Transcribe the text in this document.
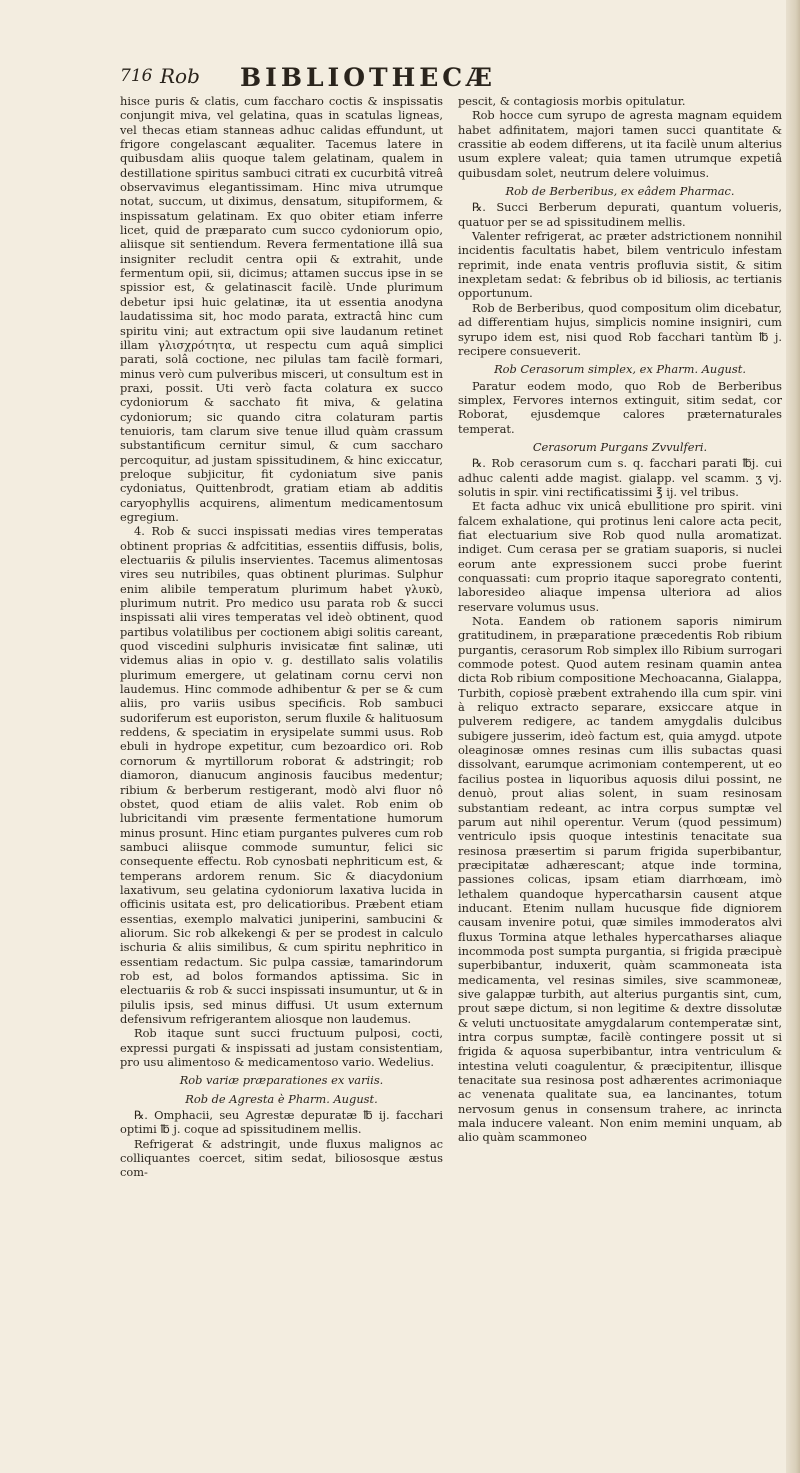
716 Rob BIBLIOTHECÆ

hisce puris & clatis, cum faccharo coctis & inspissatis conjungit miva, vel gelatina, quas in scatulas ligneas, vel thecas etiam stanneas adhuc calidas effundunt, ut frigore congelascant æqualiter. Tacemus latere in quibusdam aliis quoque talem gelatinam, qualem in destillatione spiritus sambuci citrati ex cucurbitâ vitreâ observavimus elegantissimam. Hinc miva utrumque notat, succum, ut diximus, densatum, situpiformem, & inspissatum gelatinam. Ex quo obiter etiam inferre licet, quid de præparato cum succo cydoniorum opio, aliisque sit sentiendum. Revera fermentatione illâ sua insigniter recludit centra opii & extrahit, unde fermentum opii, sii, dicimus; attamen succus ipse in se spissior est, & gelatinascit facilè. Unde plurimum debetur ipsi huic gelatinæ, ita ut essentia anodyna laudatissima sit, hoc modo parata, extractâ hinc cum spiritu vini; aut extractum opii sive laudanum retinet illam γλισχρότητα, ut respectu cum aquâ simplici parati, solâ coctione, nec pilulas tam facilè formari, minus verò cum pulveribus misceri, ut consultum est in praxi, possit. Uti verò facta colatura ex succo cydoniorum & sacchato fit miva, & gelatina cydoniorum; sic quando citra colaturam partis tenuioris, tam clarum sive tenue illud quàm crassum substantificum cernitur simul, & cum saccharo percoquitur, ad justam spissitudinem, & hinc exiccatur, preloque subjicitur, fit cydoniatum sive panis cydoniatus, Quittenbrodt, gratiam etiam ab additis caryophyllis acquirens, alimentum medicamentosum egregium.

4. Rob & succi inspissati medias vires temperatas obtinent proprias & adfcititias, essentiis diffusis, bolis, electuariis & pilulis inservientes. Tacemus alimentosas vires seu nutribiles, quas obtinent plurimas. Sulphur enim alibile temperatum plurimum habet γλυκὺ, plurimum nutrit. Pro medico usu parata rob & succi inspissati alii vires temperatas vel ideò obtinent, quod partibus volatilibus per coctionem abigi solitis careant, quod viscedini sulphuris invisicatæ fint salinæ, uti videmus alias in opio v. g. destillato salis volatilis plurimum emergere, ut gelatinam cornu cervi non laudemus. Hinc commode adhibentur & per se & cum aliis, pro variis usibus specificis. Rob sambuci sudoriferum est euporiston, serum fluxile & halituosum reddens, & speciatim in erysipelate summi usus. Rob ebuli in hydrope expetitur, cum bezoardico ori. Rob cornorum & myrtillorum roborat & adstringit; rob diamoron, dianucum anginosis faucibus medentur; ribium & berberum restigerant, modò alvi fluor nô obstet, quod etiam de aliis valet. Rob enim ob lubricitandi vim præsente fermentatione humorum minus prosunt. Hinc etiam purgantes pulveres cum rob sambuci aliisque commode sumuntur, felici sic consequente effectu. Rob cynosbati nephriticum est, & temperans ardorem renum. Sic & diacydonium laxativum, seu gelatina cydoniorum laxativa lucida in officinis usitata est, pro delicatioribus. Præbent etiam essentias, exemplo malvatici juniperini, sambucini & aliorum. Sic rob alkekengi & per se prodest in calculo ischuria & aliis similibus, & cum spiritu nephritico in essentiam redactum. Sic pulpa cassiæ, tamarindorum rob est, ad bolos formandos aptissima. Sic in electuariis & rob & succi inspissati insumuntur, ut & in pilulis ipsis, sed minus diffusi. Ut usum externum defensivum refrigerantem aliosque non laudemus.

Rob itaque sunt succi fructuum pulposi, cocti, expressi purgati & inspissati ad justam consistentiam, pro usu alimentoso & medicamentoso vario. Wedelius.

Rob variæ præparationes ex variis.

Rob de Agresta è Pharm. August.

℞. Omphacii, seu Agrestæ depuratæ ℔ ij. facchari optimi ℔ j. coque ad spissitudinem mellis.

Refrigerat & adstringit, unde fluxus malignos ac colliquantes coercet, sitim sedat, biliososque æstus com-

pescit, & contagiosis morbis opitulatur.

Rob hocce cum syrupo de agresta magnam equidem habet adfinitatem, majori tamen succi quantitate & crassitie ab eodem differens, ut ita facilè unum alterius usum explere valeat; quia tamen utrumque expetiâ quibusdam solet, neutrum delere voluimus.

Rob de Berberibus, ex eâdem Pharmac.

℞. Succi Berberum depurati, quantum volueris, quatuor per se ad spissitudinem mellis.

Valenter refrigerat, ac præter adstrictionem nonnihil incidentis facultatis habet, bilem ventriculo infestam reprimit, inde enata ventris profluvia sistit, & sitim inexpletam sedat: & febribus ob id biliosis, ac tertianis opportunum.

Rob de Berberibus, quod compositum olim dicebatur, ad differentiam hujus, simplicis nomine insigniri, cum syrupo idem est, nisi quod Rob facchari tantùm ℔ j. recipere consueverit.

Rob Cerasorum simplex, ex Pharm. August.

Paratur eodem modo, quo Rob de Berberibus simplex, Fervores internos extinguit, sitim sedat, cor Roborat, ejusdemque calores præternaturales temperat.

Cerasorum Purgans Zvvulferi.

℞. Rob cerasorum cum s. q. facchari parati ℔j. cui adhuc calenti adde magist. gialapp. vel scamm. ʒ vj. solutis in spir. vini rectificatissimi ℥ ij. vel tribus.

Et facta adhuc vix unicâ ebullitione pro spirit. vini falcem exhalatione, qui protinus leni calore acta pecit, fiat electuarium sive Rob quod nulla aromatizat. indiget. Cum cerasa per se gratiam suaporis, si nuclei eorum ante expressionem succi probe fuerint conquassati: cum proprio itaque saporegrato contenti, laboresideo aliaque impensa ulteriora ad alios reservare volumus usus.

Nota. Eandem ob rationem saporis nimirum gratitudinem, in præparatione præcedentis Rob ribium purgantis, cerasorum Rob simplex illo Ribium surrogari commode potest. Quod autem resinam quamin antea dicta Rob ribium compositione Mechoacanna, Gialappa, Turbith, copiosè præbent extrahendo illa cum spir. vini à reliquo extracto separare, exsiccare atque in pulverem redigere, ac tandem amygdalis dulcibus subigere jusserim, ideò factum est, quia amygd. utpote oleaginosæ omnes resinas cum illis subactas quasi dissolvant, earumque acrimoniam contemperent, ut eo facilius postea in liquoribus aquosis dilui possint, ne denuò, prout alias solent, in suam resinosam substantiam redeant, ac intra corpus sumptæ vel parum aut nihil operentur. Verum (quod pessimum) ventriculo ipsis quoque intestinis tenacitate sua resinosa præsertim si parum frigida superbibantur, præcipitatæ adhærescant; atque inde tormina, passiones colicas, ipsam etiam diarrhœam, imò lethalem quandoque hypercatharsin causent atque inducant. Etenim nullam hucusque fide digniorem causam invenire potui, quæ similes immoderatos alvi fluxus Tormina atque lethales hypercatharses aliaque incommoda post sumpta purgantia, si frigida præcipuè superbibantur, induxerit, quàm scammoneata ista medicamenta, vel resinas similes, sive scammoneæ, sive galappæ turbith, aut alterius purgantis sint, cum, prout sæpe dictum, si non legitime & dextre dissolutæ & veluti unctuositate amygdalarum contemperatæ sint, intra corpus sumptæ, facilè contingere possit ut si frigida & aquosa superbibantur, intra ventriculum & intestina veluti coagulentur, & præcipitentur, illisque tenacitate sua resinosa post adhærentes acrimoniaque ac venenata qualitate sua, ea lancinantes, totum nervosum genus in consensum trahere, ac inrincta mala inducere valeant. Non enim memini unquam, ab alio quàm scammoneo
